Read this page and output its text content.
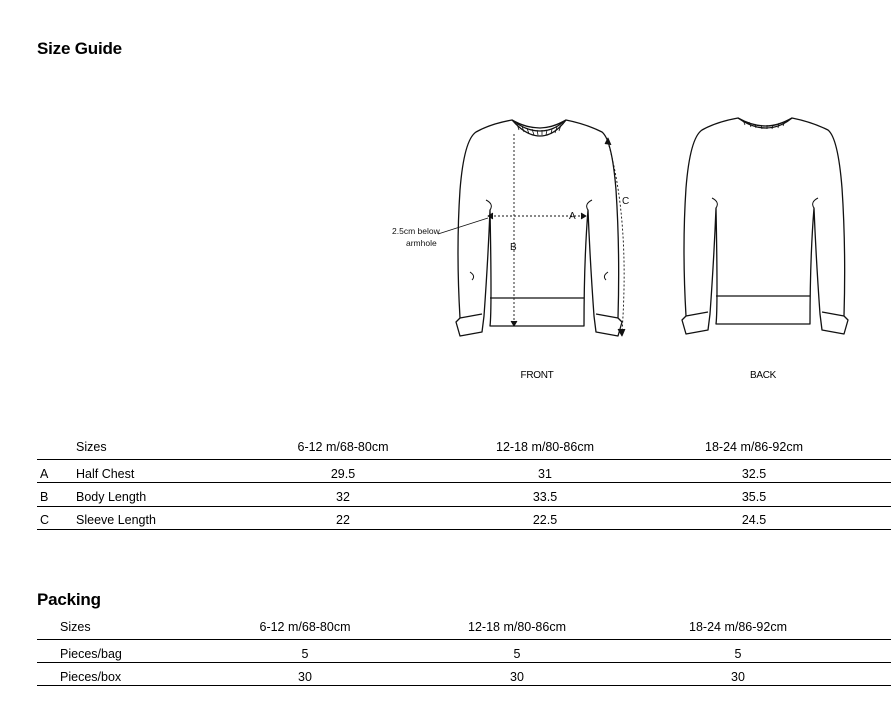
Size Guide
A
B
C
2.5cm below
armhole
FRONT	BACK
Sizes	6-12 m/68-80cm	12-18 m/80-86cm	18-24 m/86-92cm
A Half Chest	29.5	31	32.5
B Body Length	32	33.5	35.5
C Sleeve Length	22	22.5	24.5
Packing
Sizes	6-12 m/68-80cm	12-18 m/80-86cm	18-24 m/86-92cm
Pieces/bag	5	5	5
Pieces/box	30	30	30
